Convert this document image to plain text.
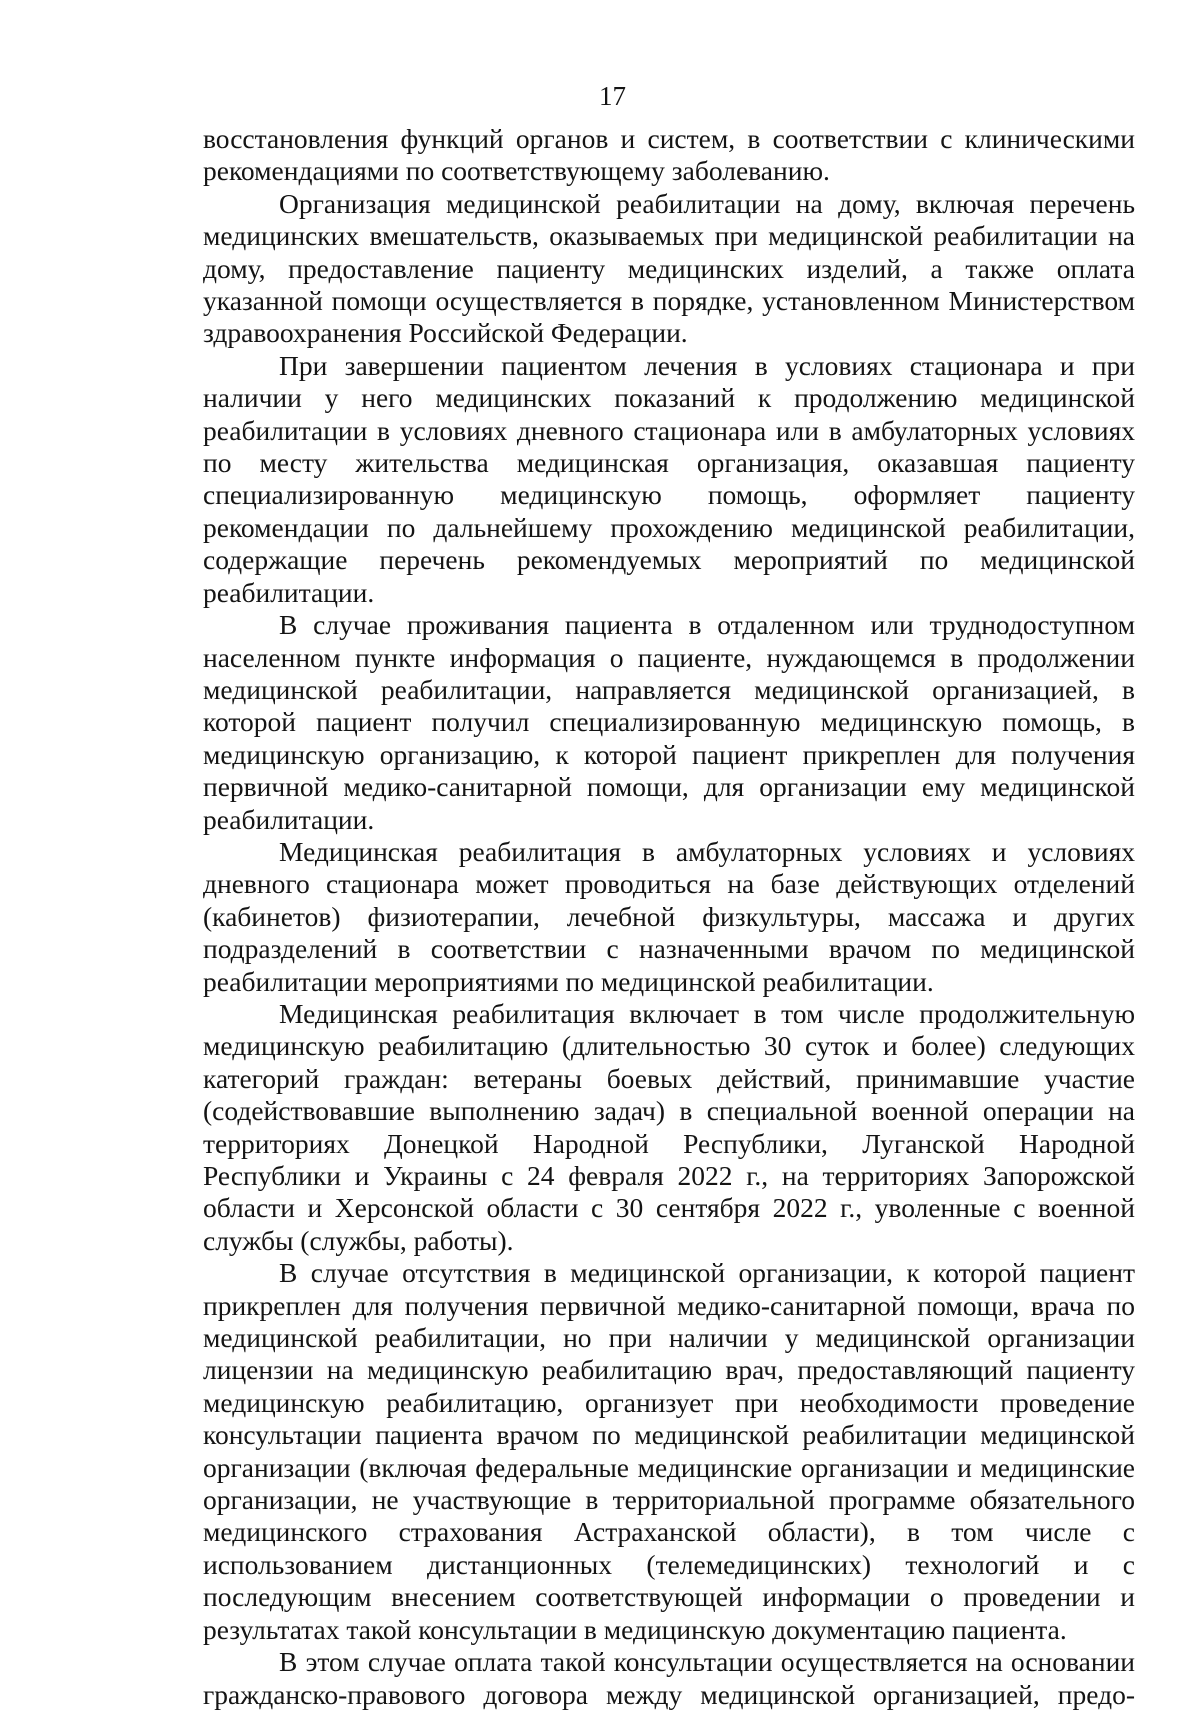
17

восстановления функций органов и систем, в соответствии с клиническими рекомендациями по соответствующему заболеванию.

Организация медицинской реабилитации на дому, включая перечень медицинских вмешательств, оказываемых при медицинской реабилитации на дому, предоставление пациенту медицинских изделий, а также оплата указанной помощи осуществляется в порядке, установленном Министерством здравоохранения Российской Федерации.

При завершении пациентом лечения в условиях стационара и при наличии у него медицинских показаний к продолжению медицинской реабилитации в условиях дневного стационара или в амбулаторных условиях по месту жительства медицинская организация, оказавшая пациенту специализированную медицинскую помощь, оформляет пациенту рекомендации по дальнейшему прохождению медицинской реабилитации, содержащие перечень рекомендуемых мероприятий по медицинской реабилитации.

В случае проживания пациента в отдаленном или труднодоступном населенном пункте информация о пациенте, нуждающемся в продолжении медицинской реабилитации, направляется медицинской организацией, в которой пациент получил специализированную медицинскую помощь, в медицинскую организацию, к которой пациент прикреплен для получения первичной медико-санитарной помощи, для организации ему медицинской реабилитации.

Медицинская реабилитация в амбулаторных условиях и условиях дневного стационара может проводиться на базе действующих отделений (кабинетов) физиотерапии, лечебной физкультуры, массажа и других подразделений в соответствии с назначенными врачом по медицинской реабилитации мероприятиями по медицинской реабилитации.

Медицинская реабилитация включает в том числе продолжительную медицинскую реабилитацию (длительностью 30 суток и более) следующих категорий граждан: ветераны боевых действий, принимавшие участие (содействовавшие выполнению задач) в специальной военной операции на территориях Донецкой Народной Республики, Луганской Народной Республики и Украины с 24 февраля 2022 г., на территориях Запорожской области и Херсонской области с 30 сентября 2022 г., уволенные с военной службы (службы, работы).

В случае отсутствия в медицинской организации, к которой пациент прикреплен для получения первичной медико-санитарной помощи, врача по медицинской реабилитации, но при наличии у медицинской организации лицензии на медицинскую реабилитацию врач, предоставляющий пациенту медицинскую реабилитацию, организует при необходимости проведение консультации пациента врачом по медицинской реабилитации медицинской организации (включая федеральные медицинские организации и медицинские организации, не участвующие в территориальной программе обязательного медицинского страхования Астраханской области), в том числе с использованием дистанционных (телемедицинских) технологий и с последующим внесением соответствующей информации о проведении и результатах такой консультации в медицинскую документацию пациента.

В этом случае оплата такой консультации осуществляется на основании гражданско-правового договора между медицинской организацией, предо-
